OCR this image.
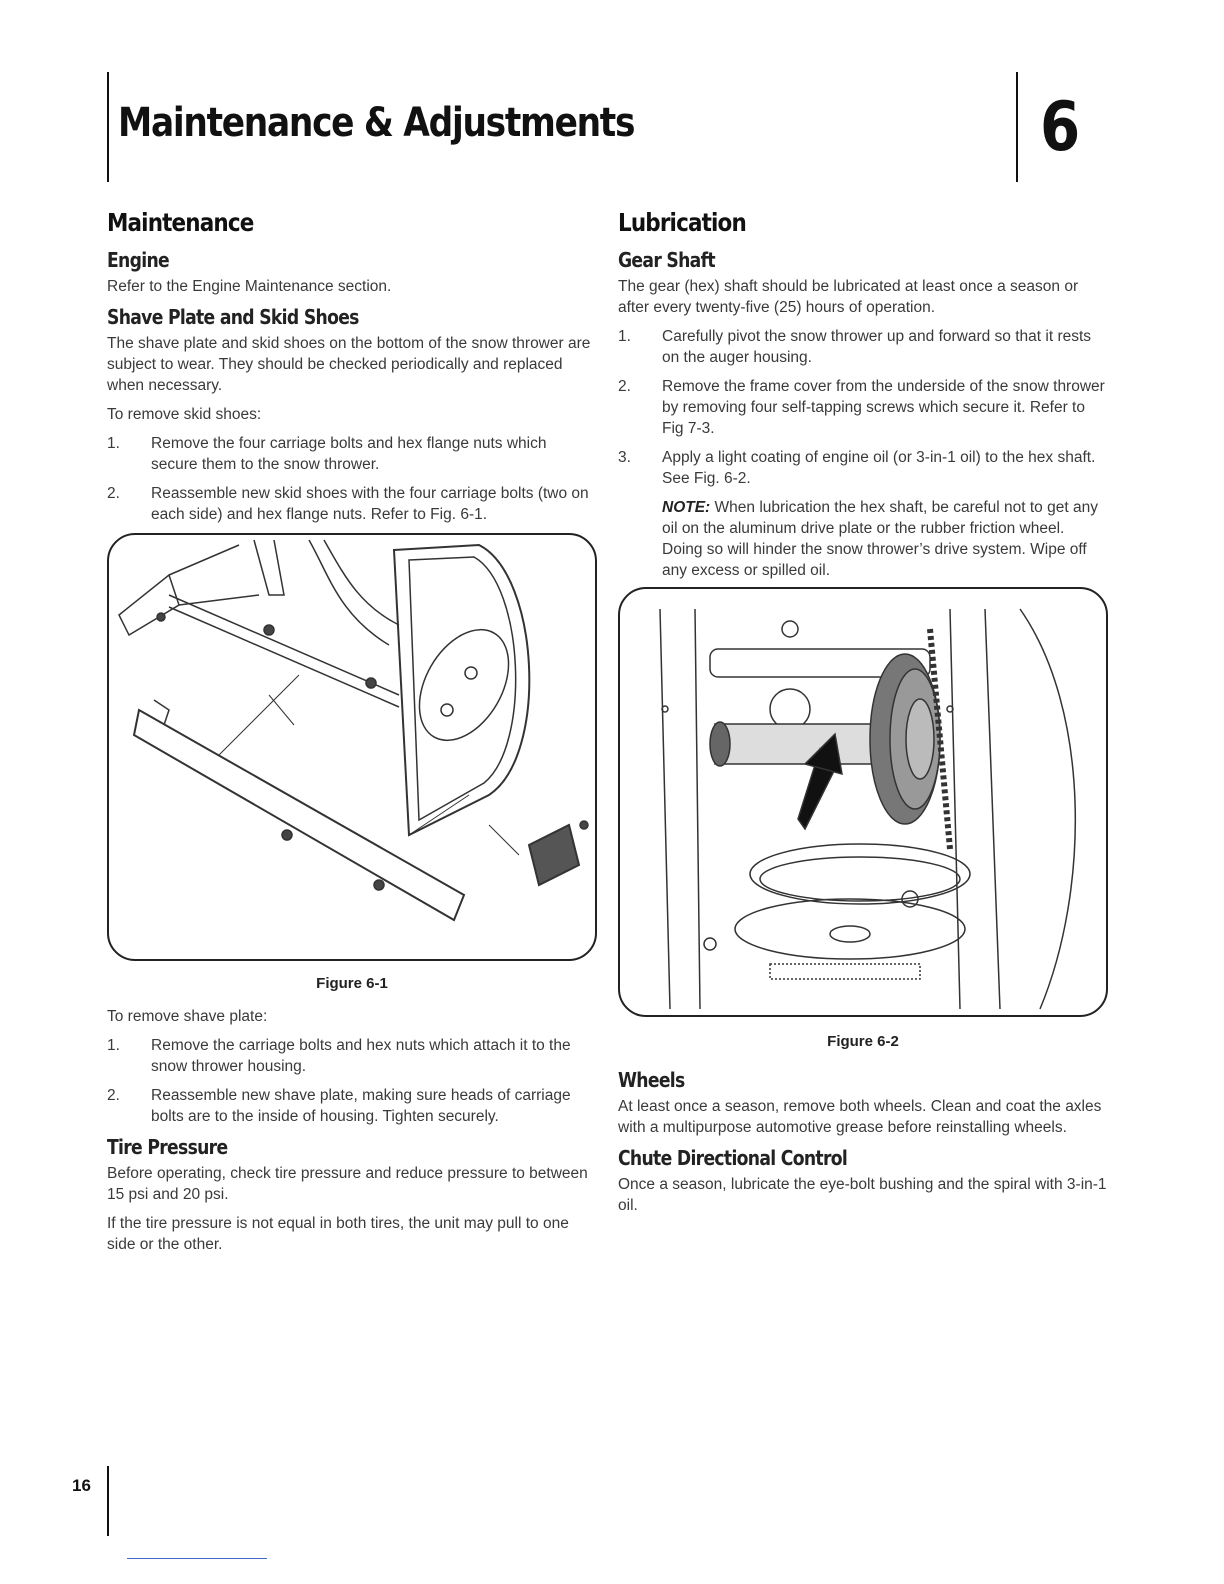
Maintenance & Adjustments	6
Maintenance
Engine

Refer to the Engine Maintenance section.

Shave Plate and Skid Shoes

The shave plate and skid shoes on the bottom of the snow thrower are subject to wear. They should be checked periodically and replaced when necessary.

To remove skid shoes:

1. Remove the four carriage bolts and hex flange nuts which secure them to the snow thrower.
2. Reassemble new skid shoes with the four carriage bolts (two on each side) and hex flange nuts. Refer to Fig. 6-1.
Figure 6-1

To remove shave plate:

1. Remove the carriage bolts and hex nuts which attach it to the snow thrower housing.
2. Reassemble new shave plate, making sure heads of carriage bolts are to the inside of housing. Tighten securely.
Tire Pressure

Before operating, check tire pressure and reduce pressure to between 15 psi and 20 psi.

If the tire pressure is not equal in both tires, the unit may pull to one side or the other.

Lubrication
Gear Shaft

The gear (hex) shaft should be lubricated at least once a season or after every twenty-five (25) hours of operation.

1. Carefully pivot the snow thrower up and forward so that it rests on the auger housing.
2. Remove the frame cover from the underside of the snow thrower by removing four self-tapping screws which secure it. Refer to Fig 7-3.
3. Apply a light coating of engine oil (or 3-in-1 oil) to the hex shaft. See Fig. 6-2.

NOTE: When lubrication the hex shaft, be careful not to get any oil on the aluminum drive plate or the rubber friction wheel. Doing so will hinder the snow thrower’s drive system. Wipe off any excess or spilled oil.

Figure 6-2
Wheels

At least once a season, remove both wheels. Clean and coat the axles with a multipurpose automotive grease before reinstalling wheels.

Chute Directional Control

Once a season, lubricate the eye-bolt bushing and the spiral with 3-in-1 oil.

16
